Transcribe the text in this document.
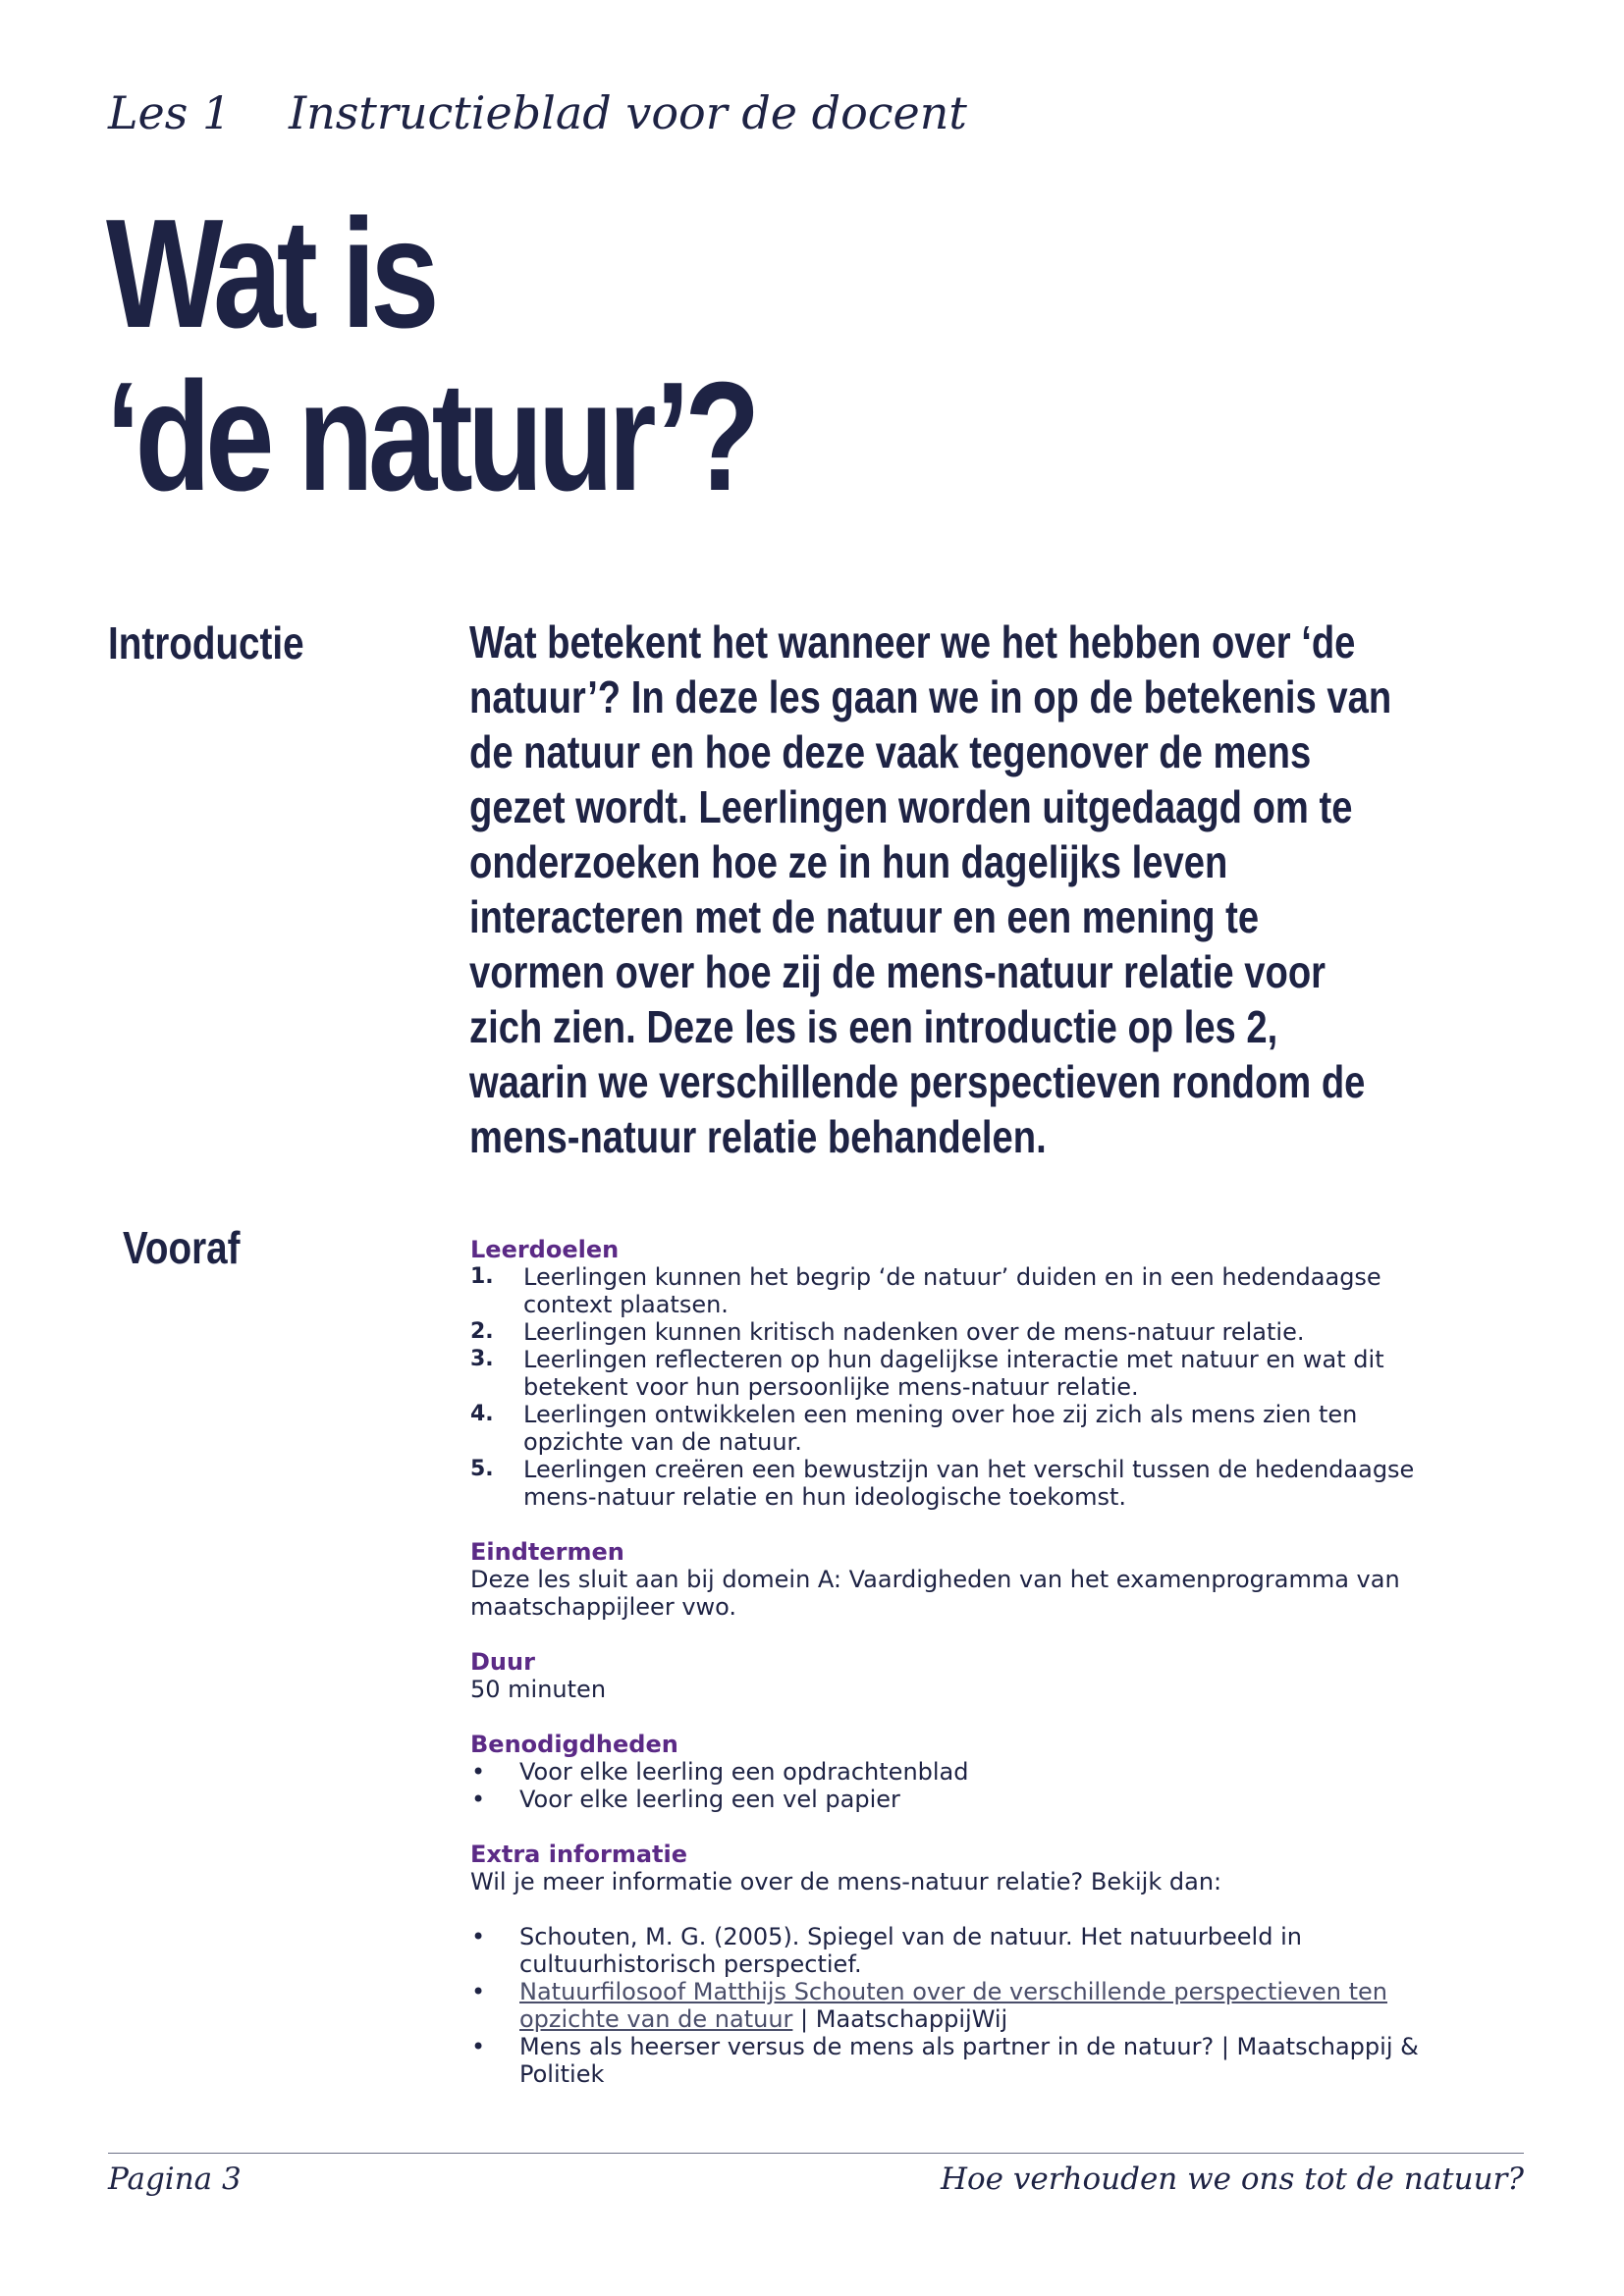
Les 1 Instructieblad voor de docent
Wat is
‘de natuur’?
Introductie	Wat betekent het wanneer we het hebben over ‘de natuur’? In deze les gaan we in op de betekenis van de natuur en hoe deze vaak tegenover de mens gezet wordt. Leerlingen worden uitgedaagd om te onderzoeken hoe ze in hun dagelijks leven interacteren met de natuur en een mening te vormen over hoe zij de mens-natuur relatie voor zich zien. Deze les is een introductie op les 2, waarin we verschillende perspectieven rondom de mens-natuur relatie behandelen.

Vooraf	Leerdoelen
1. Leerlingen kunnen het begrip ‘de natuur’ duiden en in een hedendaagse context plaatsen.
2. Leerlingen kunnen kritisch nadenken over de mens-natuur relatie.
3. Leerlingen reflecteren op hun dagelijkse interactie met natuur en wat dit betekent voor hun persoonlijke mens-natuur relatie.
4. Leerlingen ontwikkelen een mening over hoe zij zich als mens zien ten opzichte van de natuur.
5. Leerlingen creëren een bewustzijn van het verschil tussen de hedendaagse mens-natuur relatie en hun ideologische toekomst.
Eindtermen
Deze les sluit aan bij domein A: Vaardigheden van het examenprogramma van maatschappijleer vwo.
Duur
50 minuten
Benodigdheden
• Voor elke leerling een opdrachtenblad
• Voor elke leerling een vel papier
Extra informatie
Wil je meer informatie over de mens-natuur relatie? Bekijk dan:
• Schouten, M. G. (2005). Spiegel van de natuur. Het natuurbeeld in cultuurhistorisch perspectief.
• Natuurfilosoof Matthijs Schouten over de verschillende perspectieven ten opzichte van de natuur | MaatschappijWij
• Mens als heerser versus de mens als partner in de natuur? | Maatschappij & Politiek
Pagina 3	Hoe verhouden we ons tot de natuur?
